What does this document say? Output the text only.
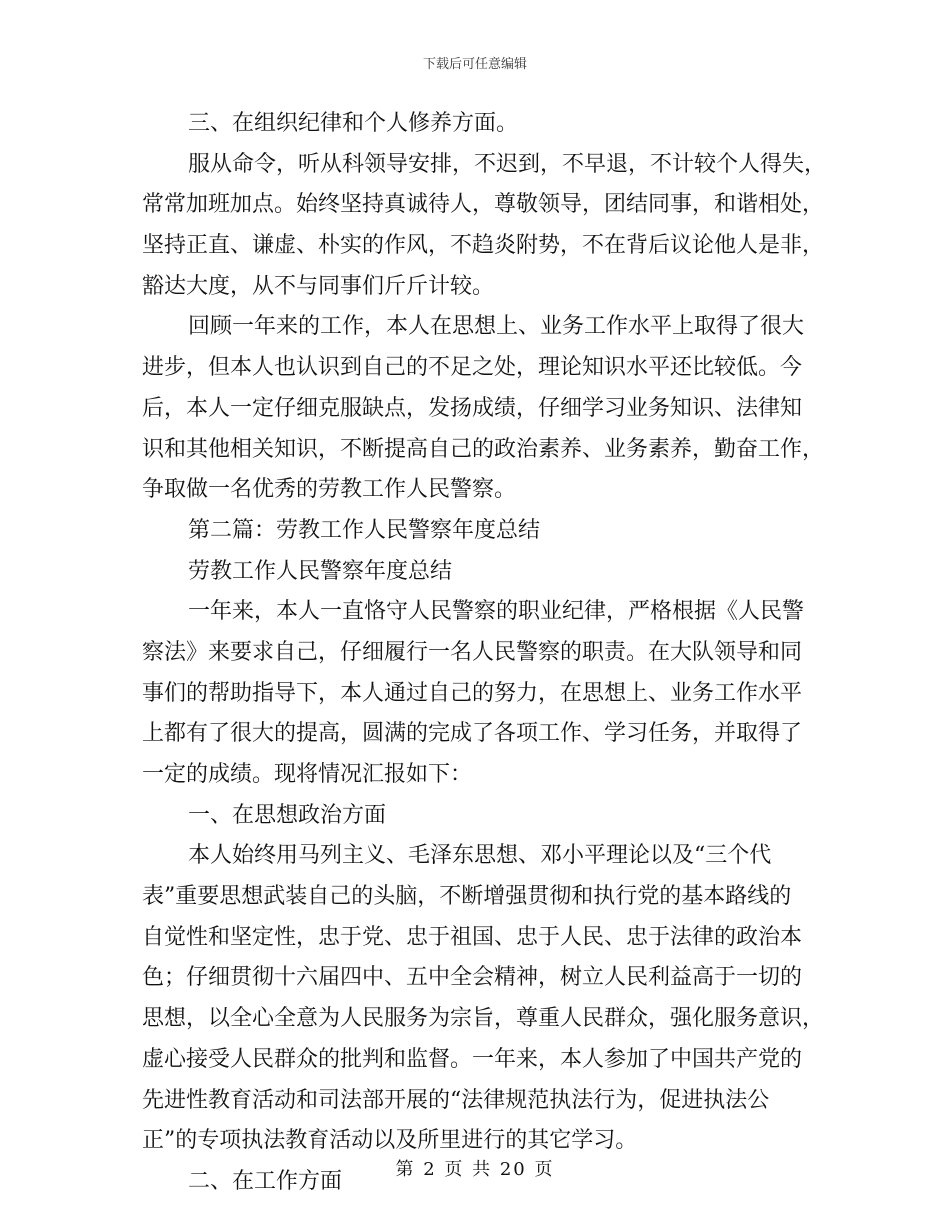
下载后可任意编辑
三、在组织纪律和个人修养方面。
服从命令，听从科领导安排，不迟到，不早退，不计较个人得失，
常常加班加点。始终坚持真诚待人，尊敬领导，团结同事，和谐相处，
坚持正直、谦虚、朴实的作风，不趋炎附势，不在背后议论他人是非，
豁达大度，从不与同事们斤斤计较。
回顾一年来的工作，本人在思想上、业务工作水平上取得了很大
进步，但本人也认识到自己的不足之处，理论知识水平还比较低。今
后，本人一定仔细克服缺点，发扬成绩，仔细学习业务知识、法律知
识和其他相关知识，不断提高自己的政治素养、业务素养，勤奋工作，
争取做一名优秀的劳教工作人民警察。
第二篇：劳教工作人民警察年度总结
劳教工作人民警察年度总结
一年来，本人一直恪守人民警察的职业纪律，严格根据《人民警
察法》来要求自己，仔细履行一名人民警察的职责。在大队领导和同
事们的帮助指导下，本人通过自己的努力，在思想上、业务工作水平
上都有了很大的提高，圆满的完成了各项工作、学习任务，并取得了
一定的成绩。现将情况汇报如下：
一、在思想政治方面
本人始终用马列主义、毛泽东思想、邓小平理论以及“三个代
表”重要思想武装自己的头脑，不断增强贯彻和执行党的基本路线的
自觉性和坚定性，忠于党、忠于祖国、忠于人民、忠于法律的政治本
色；仔细贯彻十六届四中、五中全会精神，树立人民利益高于一切的
思想，以全心全意为人民服务为宗旨，尊重人民群众，强化服务意识，
虚心接受人民群众的批判和监督。一年来，本人参加了中国共产党的
先进性教育活动和司法部开展的“法律规范执法行为，促进执法公
正”的专项执法教育活动以及所里进行的其它学习。
二、在工作方面	第 2 页 共 20 页
